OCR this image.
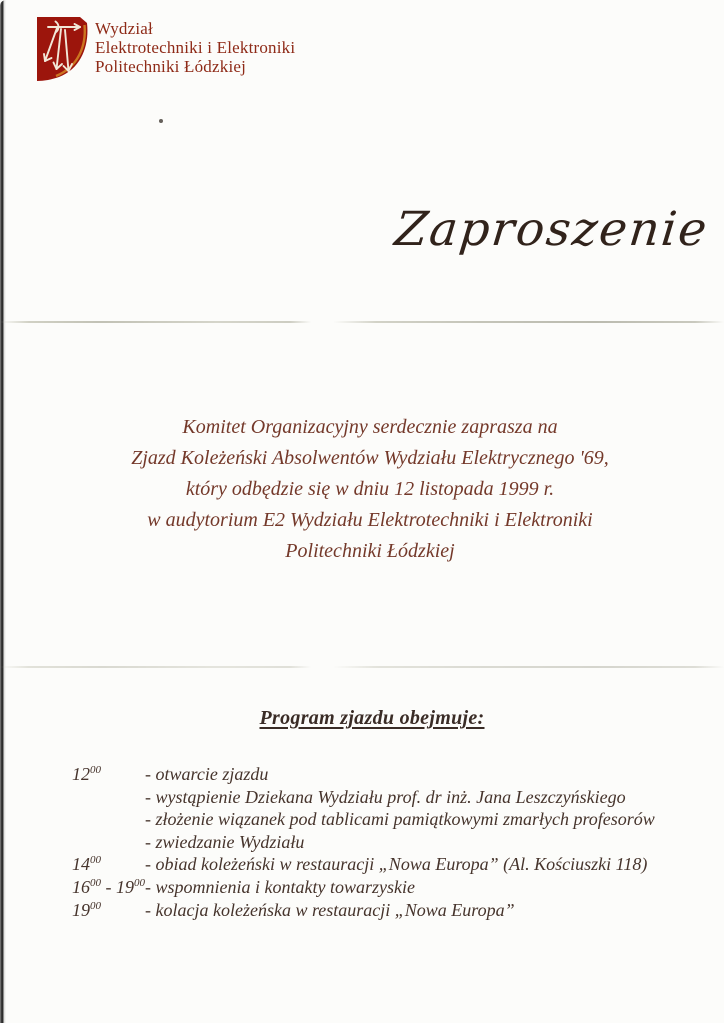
Wydział
Elektrotechniki i Elektroniki
Politechniki Łódzkiej
Zaproszenie
Komitet Organizacyjny serdecznie zaprasza na
Zjazd Koleżeński Absolwentów Wydziału Elektrycznego '69,
który odbędzie się w dniu 12 listopada 1999 r.
w audytorium E2 Wydziału Elektrotechniki i Elektroniki
Politechniki Łódzkiej
Program zjazdu obejmuje:
$12^{00}$	- otwarcie zjazdu
- wystąpienie Dziekana Wydziału prof. dr inż. Jana Leszczyńskiego
- złożenie wiązanek pod tablicami pamiątkowymi zmarłych profesorów
- zwiedzanie Wydziału
$14^{00}$	- obiad koleżeński w restauracji „Nowa Europa” (Al. Kościuszki 118)
$16^{00} - 19^{00}$ - wspomnienia i kontakty towarzyskie
$19^{00}$	- kolacja koleżeńska w restauracji „Nowa Europa”
